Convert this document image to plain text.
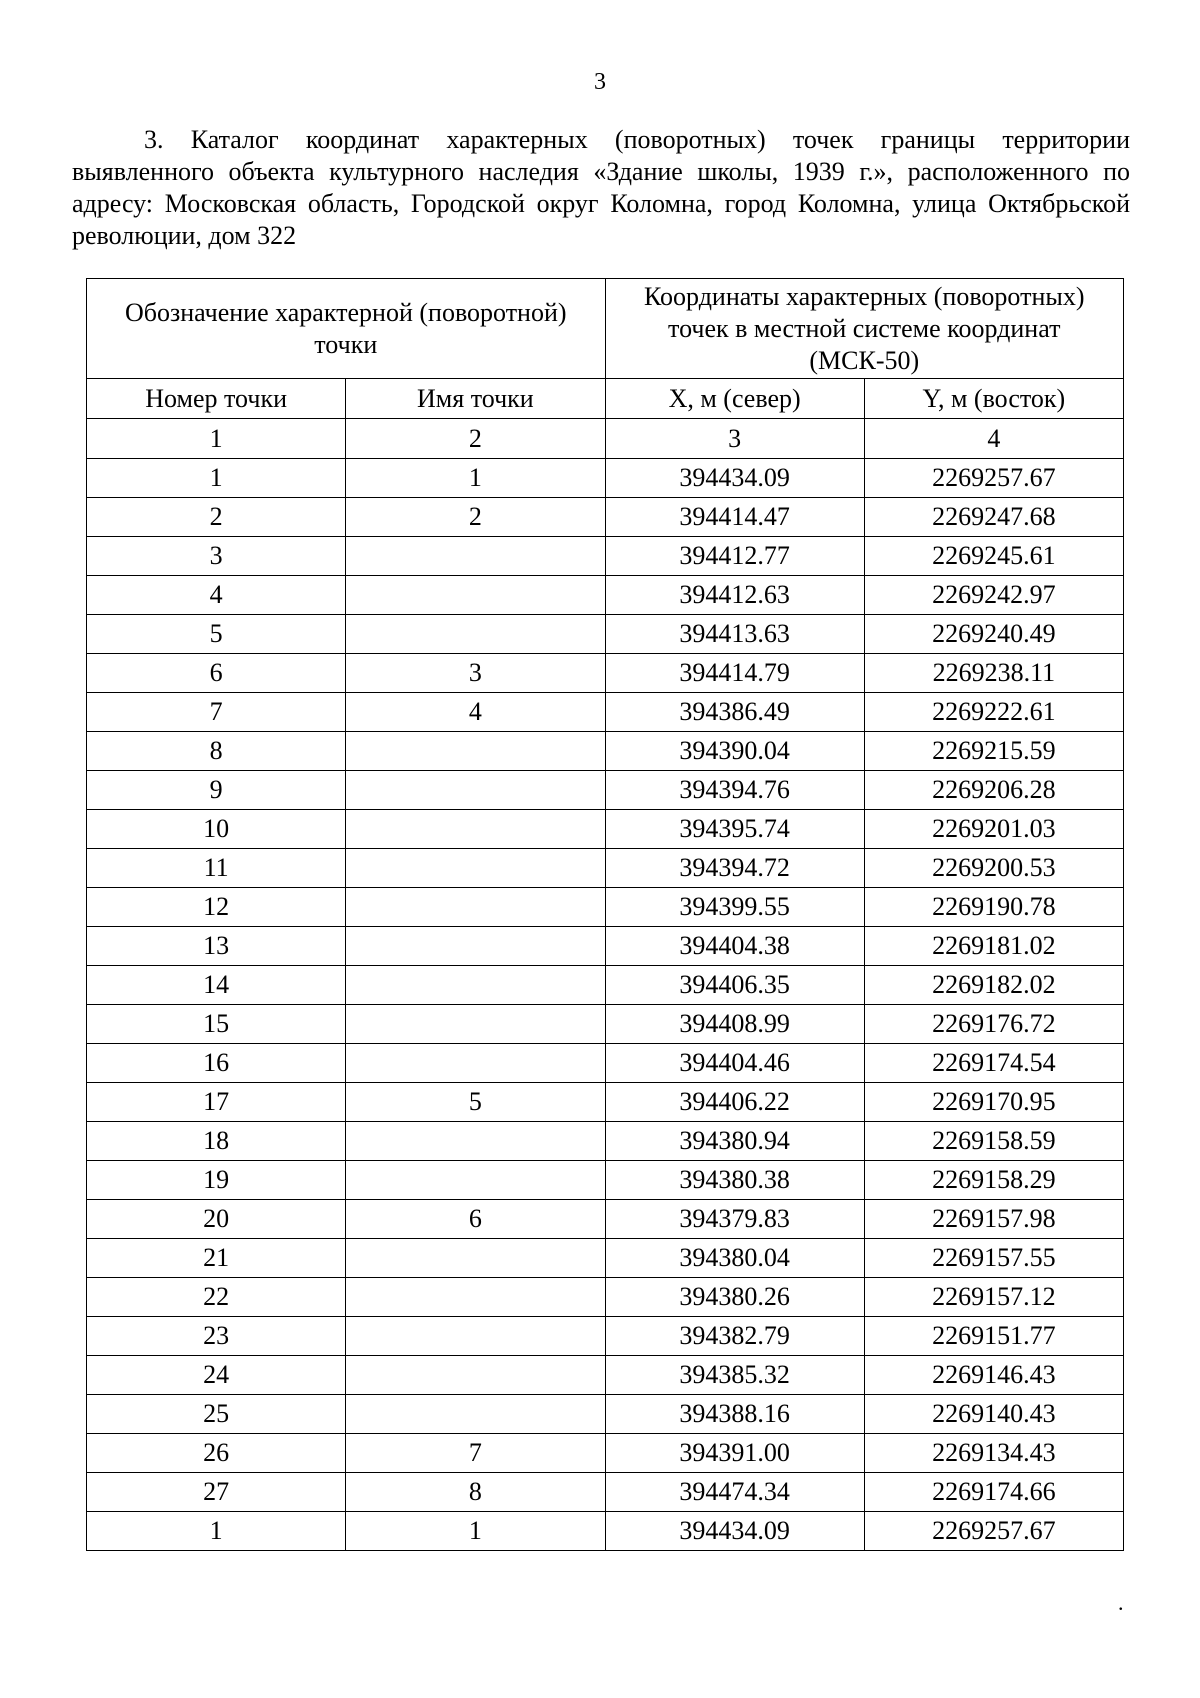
3

3. Каталог координат характерных (поворотных) точек границы территории выявленного объекта культурного наследия «Здание школы, 1939 г.», расположенного по адресу: Московская область, Городской округ Коломна, город Коломна, улица Октябрьской революции, дом 322

Обозначение характерной (поворотной) точки		Координаты характерных (поворотных) точек в местной системе координат (МСК-50)	
Номер точки	Имя точки	X, м (север)	Y, м (восток)
1	2	3	4
1	1	394434.09	2269257.67
2	2	394414.47	2269247.68
3		394412.77	2269245.61
4		394412.63	2269242.97
5		394413.63	2269240.49
6	3	394414.79	2269238.11
7	4	394386.49	2269222.61
8		394390.04	2269215.59
9		394394.76	2269206.28
10		394395.74	2269201.03
11		394394.72	2269200.53
12		394399.55	2269190.78
13		394404.38	2269181.02
14		394406.35	2269182.02
15		394408.99	2269176.72
16		394404.46	2269174.54
17	5	394406.22	2269170.95
18		394380.94	2269158.59
19		394380.38	2269158.29
20	6	394379.83	2269157.98
21		394380.04	2269157.55
22		394380.26	2269157.12
23		394382.79	2269151.77
24		394385.32	2269146.43
25		394388.16	2269140.43
26	7	394391.00	2269134.43
27	8	394474.34	2269174.66
1	1	394434.09	2269257.67
.
